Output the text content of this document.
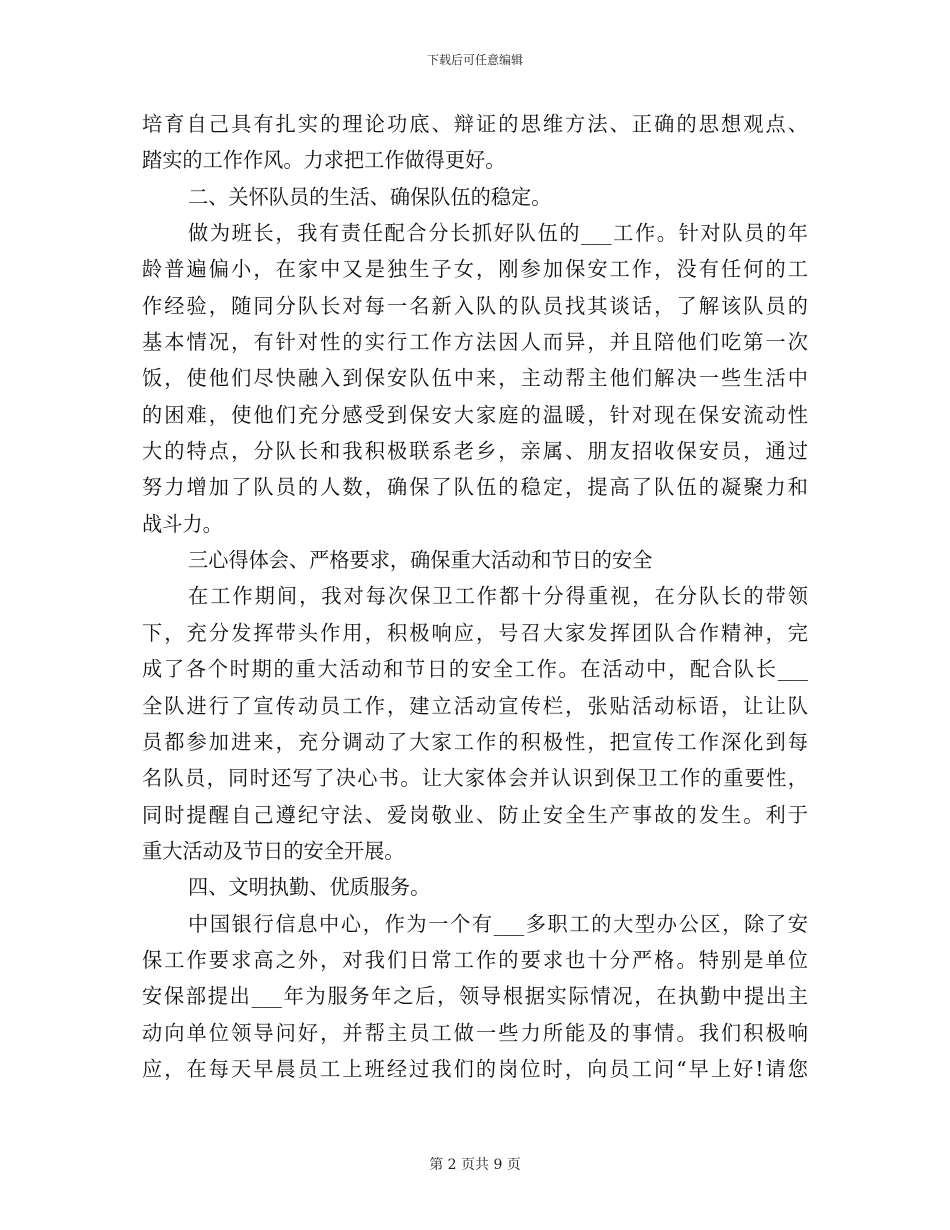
下载后可任意编辑
培育自己具有扎实的理论功底、辩证的思维方法、正确的思想观点、
踏实的工作作风。力求把工作做得更好。
二、关怀队员的生活、确保队伍的稳定。
做为班长，我有责任配合分长抓好队伍的___工作。针对队员的年
龄普遍偏小，在家中又是独生子女，刚参加保安工作，没有任何的工
作经验，随同分队长对每一名新入队的队员找其谈话，了解该队员的
基本情况，有针对性的实行工作方法因人而异，并且陪他们吃第一次
饭，使他们尽快融入到保安队伍中来，主动帮主他们解决一些生活中
的困难，使他们充分感受到保安大家庭的温暖，针对现在保安流动性
大的特点，分队长和我积极联系老乡，亲属、朋友招收保安员，通过
努力增加了队员的人数，确保了队伍的稳定，提高了队伍的凝聚力和
战斗力。
三心得体会、严格要求，确保重大活动和节日的安全
在工作期间，我对每次保卫工作都十分得重视，在分队长的带领
下，充分发挥带头作用，积极响应，号召大家发挥团队合作精神，完
成了各个时期的重大活动和节日的安全工作。在活动中，配合队长___
全队进行了宣传动员工作，建立活动宣传栏，张贴活动标语，让让队
员都参加进来，充分调动了大家工作的积极性，把宣传工作深化到每
名队员，同时还写了决心书。让大家体会并认识到保卫工作的重要性，
同时提醒自己遵纪守法、爱岗敬业、防止安全生产事故的发生。利于
重大活动及节日的安全开展。
四、文明执勤、优质服务。
中国银行信息中心，作为一个有___多职工的大型办公区，除了安
保工作要求高之外，对我们日常工作的要求也十分严格。特别是单位
安保部提出___年为服务年之后，领导根据实际情况，在执勤中提出主
动向单位领导问好，并帮主员工做一些力所能及的事情。我们积极响
应，在每天早晨员工上班经过我们的岗位时，向员工问“早上好!请您
第 2 页共 9 页
